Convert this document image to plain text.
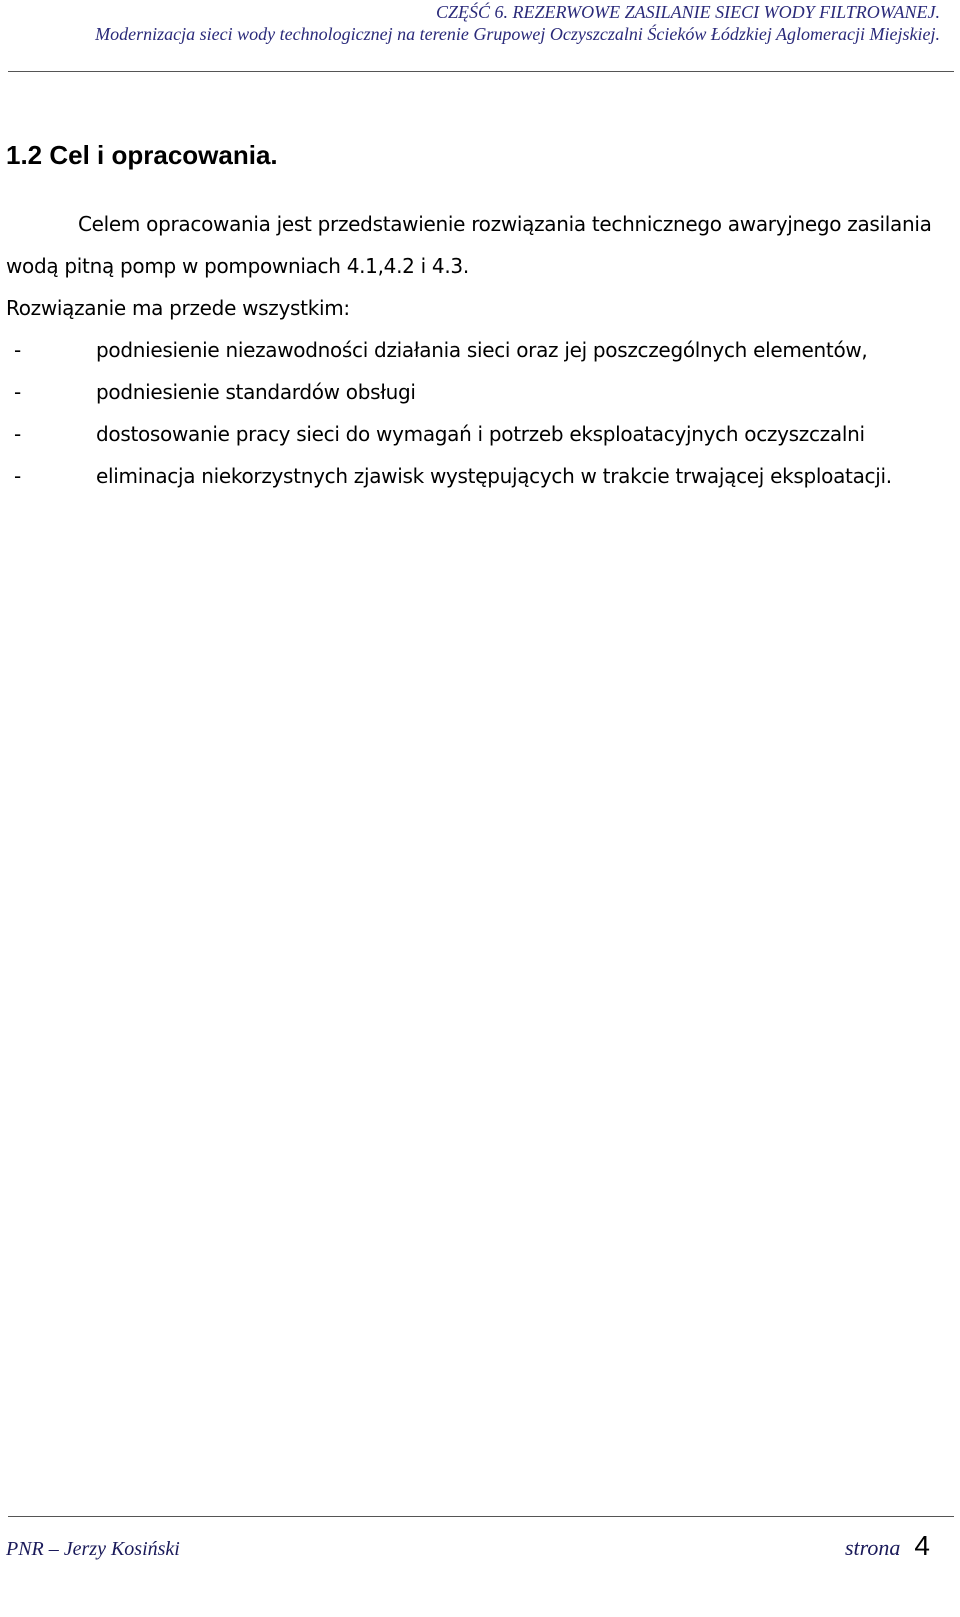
CZĘŚĆ 6. REZERWOWE ZASILANIE SIECI WODY FILTROWANEJ.
Modernizacja sieci wody technologicznej na terenie Grupowej Oczyszczalni Ścieków Łódzkiej Aglomeracji Miejskiej.
1.2 Cel i opracowania.
Celem opracowania jest przedstawienie rozwiązania technicznego awaryjnego zasilania wodą pitną pomp w pompowniach 4.1,4.2 i 4.3.
Rozwiązanie ma przede wszystkim:
-	podniesienie niezawodności działania sieci oraz jej poszczególnych elementów,
-	podniesienie standardów obsługi
-	dostosowanie pracy sieci do wymagań i potrzeb eksploatacyjnych oczyszczalni
-	eliminacja niekorzystnych zjawisk występujących w trakcie trwającej eksploatacji.
PNR – Jerzy Kosiński	strona 4
